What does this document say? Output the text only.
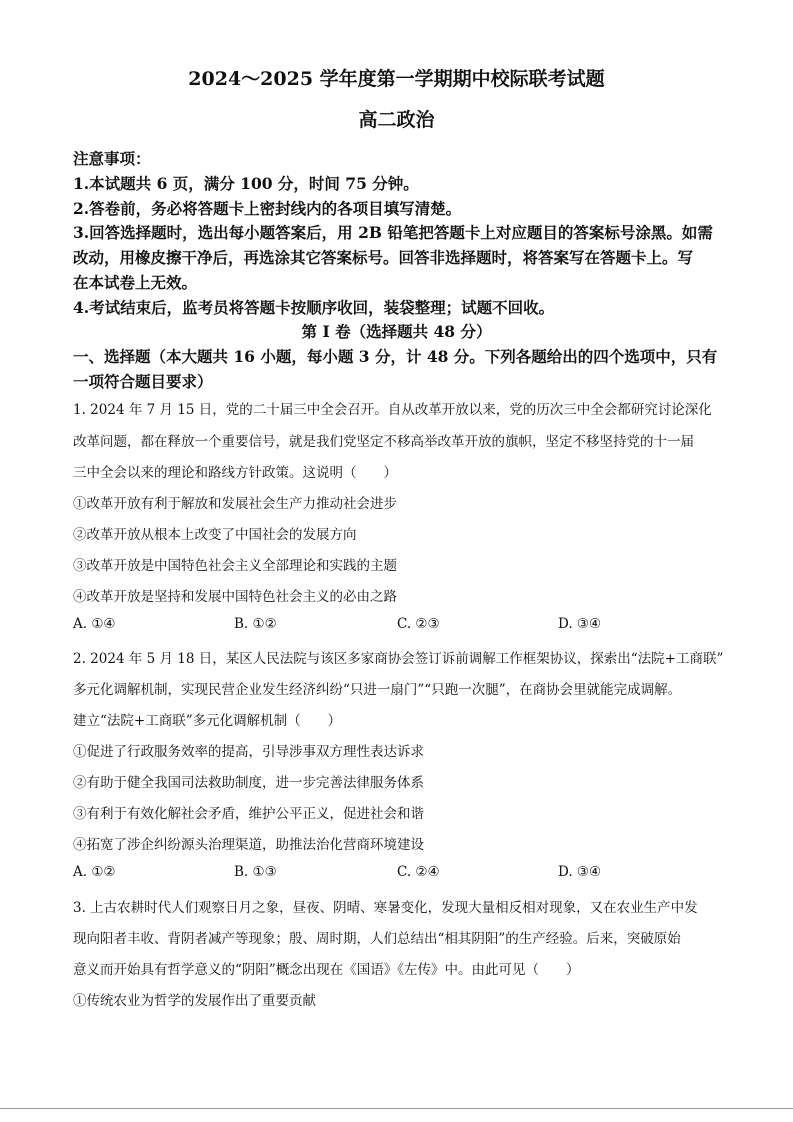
2024～2025 学年度第一学期期中校际联考试题
高二政治
注意事项：
1.本试题共 6 页，满分 100 分，时间 75 分钟。
2.答卷前，务必将答题卡上密封线内的各项目填写清楚。
3.回答选择题时，选出每小题答案后，用 2B 铅笔把答题卡上对应题目的答案标号涂黑。如需
改动，用橡皮擦干净后，再选涂其它答案标号。回答非选择题时，将答案写在答题卡上。写
在本试卷上无效。
4.考试结束后，监考员将答题卡按顺序收回，装袋整理；试题不回收。
第 I 卷（选择题共 48 分）
一、选择题（本大题共 16 小题，每小题 3 分，计 48 分。下列各题给出的四个选项中，只有
一项符合题目要求）
1. 2024 年 7 月 15 日，党的二十届三中全会召开。自从改革开放以来，党的历次三中全会都研究讨论深化
改革问题，都在释放一个重要信号，就是我们党坚定不移高举改革开放的旗帜，坚定不移坚持党的十一届
三中全会以来的理论和路线方针政策。这说明（　　）
①改革开放有利于解放和发展社会生产力推动社会进步
②改革开放从根本上改变了中国社会的发展方向
③改革开放是中国特色社会主义全部理论和实践的主题
④改革开放是坚持和发展中国特色社会主义的必由之路
A. ①④	B. ①②	C. ②③	D. ③④
2. 2024 年 5 月 18 日，某区人民法院与该区多家商协会签订诉前调解工作框架协议，探索出“法院+工商联”
多元化调解机制，实现民营企业发生经济纠纷“只进一扇门”“只跑一次腿”，在商协会里就能完成调解。
建立“法院+工商联”多元化调解机制（　　）
①促进了行政服务效率的提高，引导涉事双方理性表达诉求
②有助于健全我国司法救助制度，进一步完善法律服务体系
③有利于有效化解社会矛盾，维护公平正义，促进社会和谐
④拓宽了涉企纠纷源头治理渠道，助推法治化营商环境建设
A. ①②	B. ①③	C. ②④	D. ③④
3. 上古农耕时代人们观察日月之象，昼夜、阴晴、寒暑变化，发现大量相反相对现象，又在农业生产中发
现向阳者丰收、背阴者减产等现象；殷、周时期，人们总结出“相其阴阳”的生产经验。后来，突破原始
意义而开始具有哲学意义的“阴阳”概念出现在《国语》《左传》中。由此可见（　　）
①传统农业为哲学的发展作出了重要贡献
